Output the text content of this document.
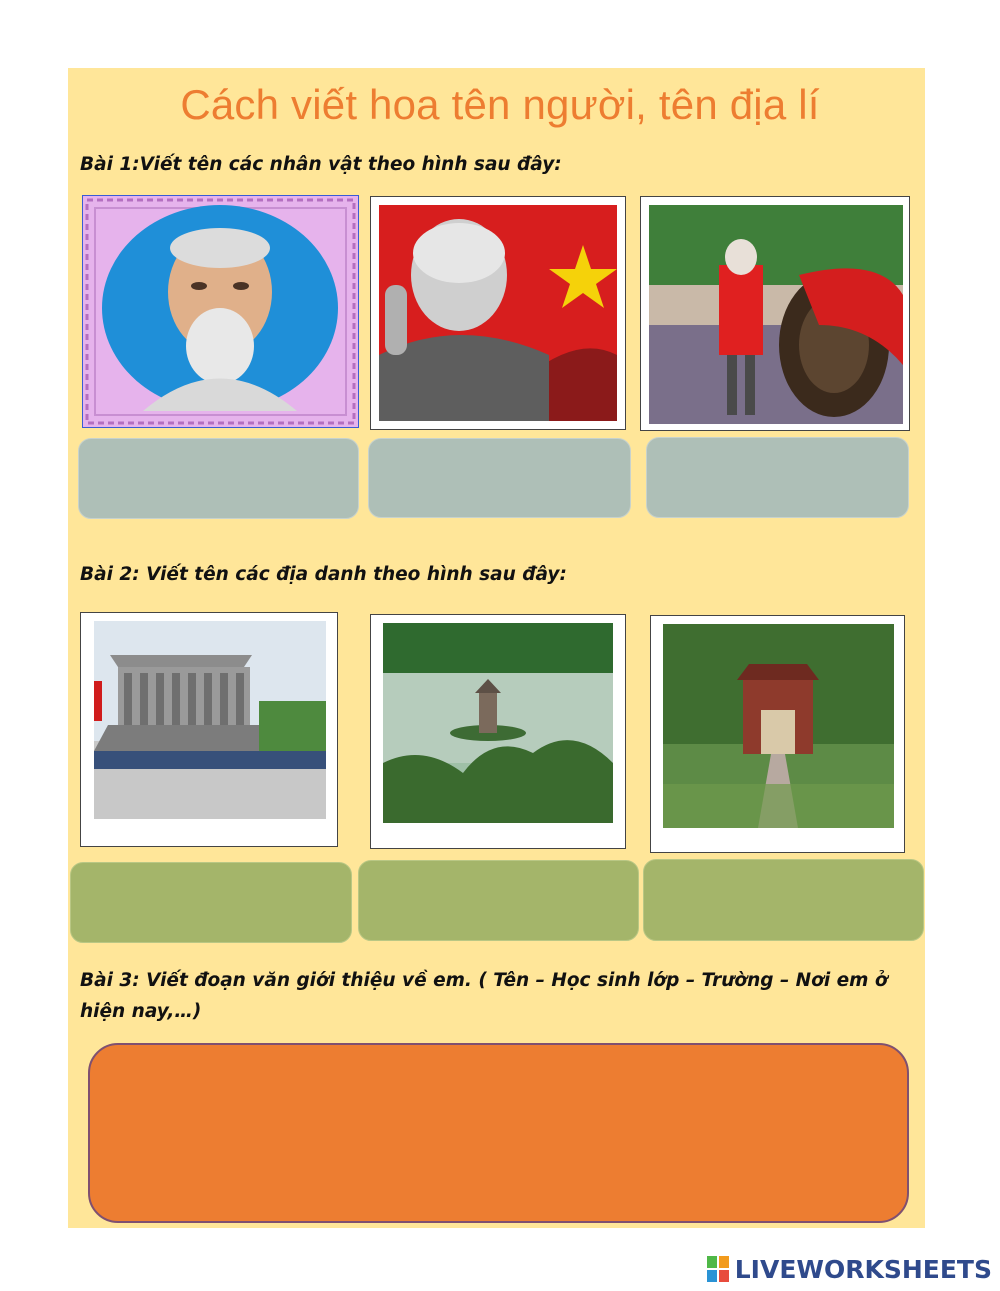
Cách viết hoa tên người, tên địa lí
Bài 1:Viết tên các nhân vật theo hình sau đây:
Bài 2: Viết tên các địa danh theo hình sau đây:
Bài 3: Viết đoạn văn giới thiệu về em. ( Tên – Học sinh lớp – Trường – Nơi em ở
hiện nay,…)
LIVEWORKSHEETS
